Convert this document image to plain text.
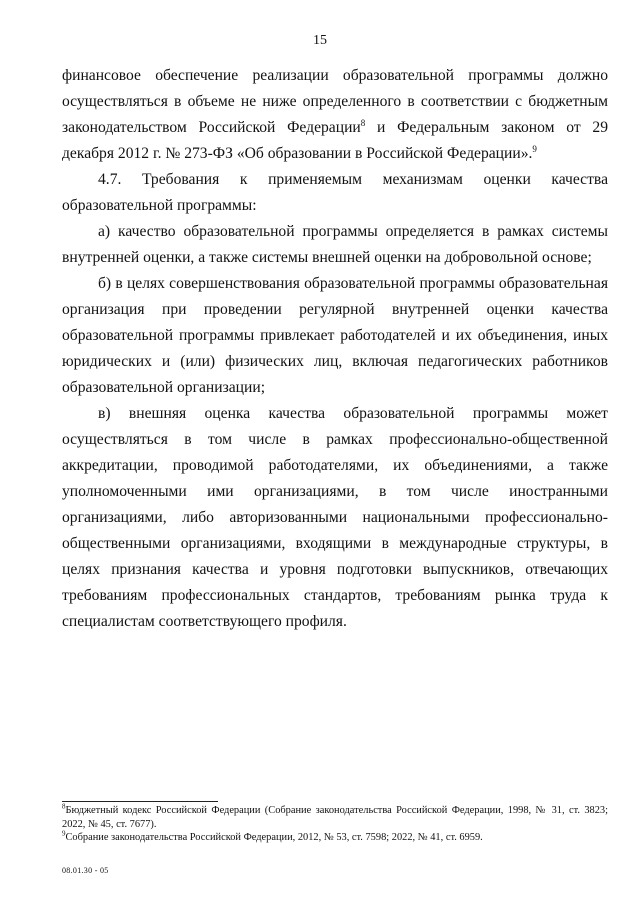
15

финансовое обеспечение реализации образовательной программы должно осуществляться в объеме не ниже определенного в соответствии с бюджетным законодательством Российской Федерации$^8$ и Федеральным законом от 29 декабря 2012 г. № 273-ФЗ «Об образовании в Российской Федерации».$^9$

4.7. Требования к применяемым механизмам оценки качества образовательной программы:

а) качество образовательной программы определяется в рамках системы внутренней оценки, а также системы внешней оценки на добровольной основе;

б) в целях совершенствования образовательной программы образовательная организация при проведении регулярной внутренней оценки качества образовательной программы привлекает работодателей и их объединения, иных юридических и (или) физических лиц, включая педагогических работников образовательной организации;

в) внешняя оценка качества образовательной программы может осуществляться в том числе в рамках профессионально-общественной аккредитации, проводимой работодателями, их объединениями, а также уполномоченными ими организациями, в том числе иностранными организациями, либо авторизованными национальными профессионально-общественными организациями, входящими в международные структуры, в целях признания качества и уровня подготовки выпускников, отвечающих требованиям профессиональных стандартов, требованиям рынка труда к специалистам соответствующего профиля.

$^8$Бюджетный кодекс Российской Федерации (Собрание законодательства Российской Федерации, 1998, № 31, ст. 3823; 2022, № 45, ст. 7677).

$^9$Собрание законодательства Российской Федерации, 2012, № 53, ст. 7598; 2022, № 41, ст. 6959.

08.01.30 - 05
